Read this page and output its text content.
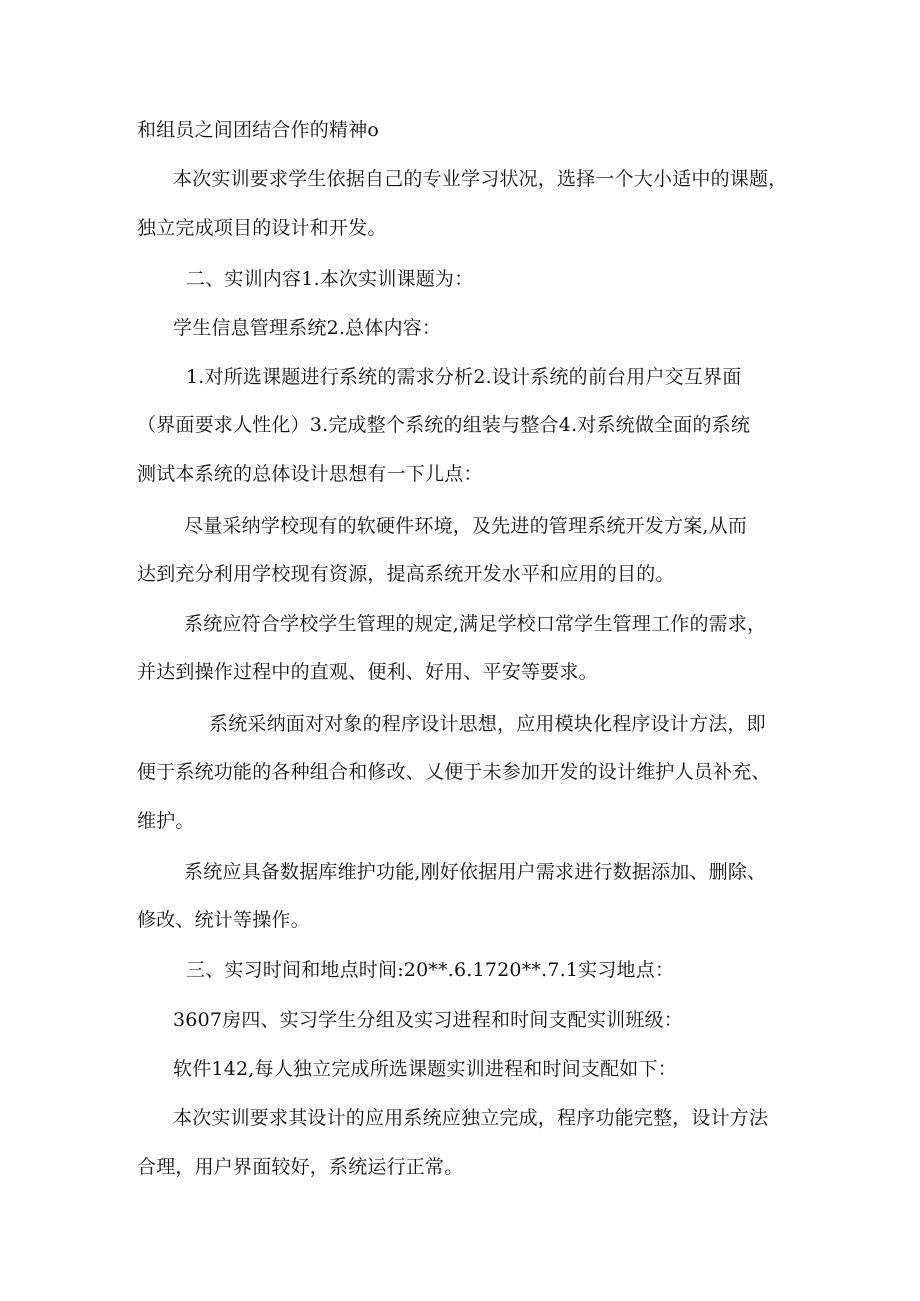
和组员之间团结合作的精神o
本次实训要求学生依据自己的专业学习状况，选择一个大小适中的课题，
独立完成项目的设计和开发。
二、实训内容1.本次实训课题为：
学生信息管理系统2.总体内容：
1.对所选课题进行系统的需求分析2.设计系统的前台用户交互界面
（界面要求人性化）3.完成整个系统的组装与整合4.对系统做全面的系统
测试本系统的总体设计思想有一下儿点：
尽量采纳学校现有的软硬件环境，及先进的管理系统开发方案,从而
达到充分利用学校现有资源，提高系统开发水平和应用的目的。
系统应符合学校学生管理的规定,满足学校口常学生管理工作的需求，
并达到操作过程中的直观、便利、好用、平安等要求。
系统采纳面对对象的程序设计思想，应用模块化程序设计方法，即
便于系统功能的各种组合和修改、乂便于未参加开发的设计维护人员补充、
维护。
系统应具备数据库维护功能,刚好依据用户需求进行数据添加、删除、
修改、统计等操作。
三、实习时间和地点时间:20**.6.1720**.7.1实习地点：
3607房四、实习学生分组及实习进程和时间支配实训班级：
软件142,每人独立完成所选课题实训进程和时间支配如下：
本次实训要求其设计的应用系统应独立完成，程序功能完整，设计方法
合理，用户界面较好，系统运行正常。
